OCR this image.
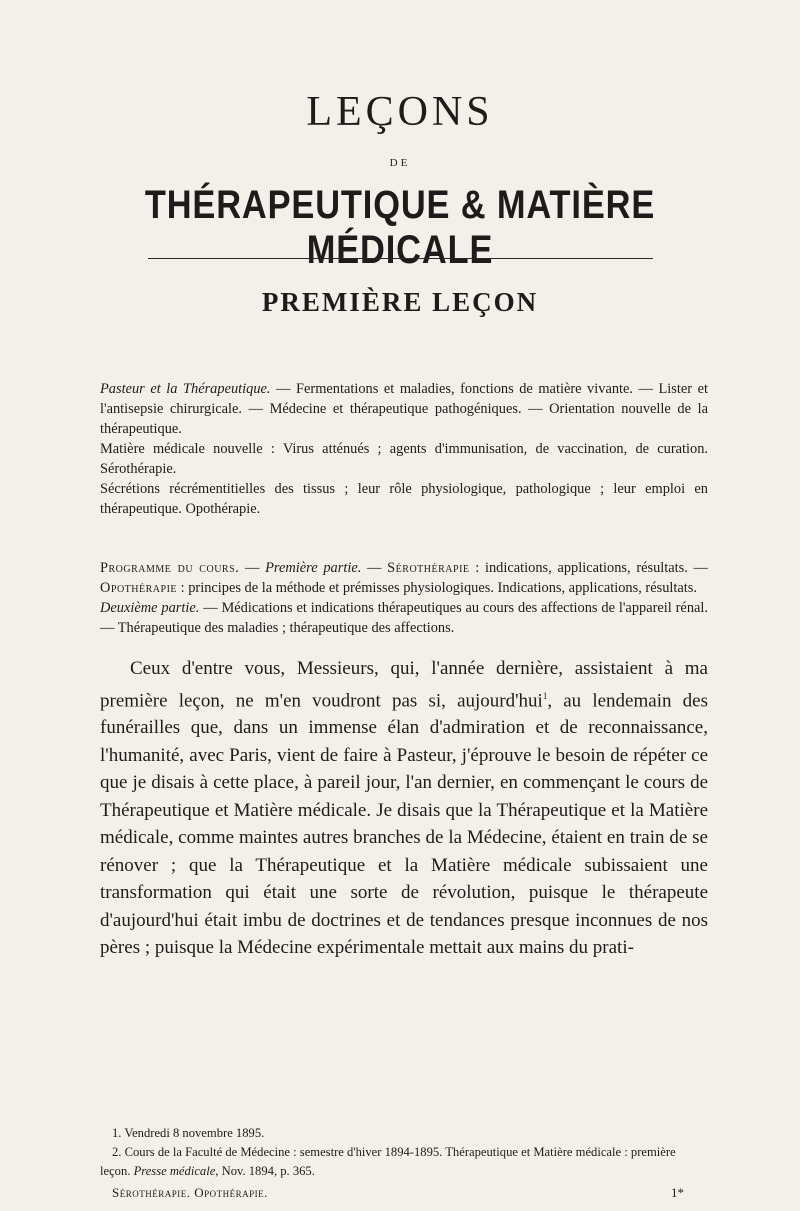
LEÇONS
DE
THÉRAPEUTIQUE & MATIÈRE MÉDICALE
PREMIÈRE LEÇON

Pasteur et la Thérapeutique. — Fermentations et maladies, fonctions de matière vivante. — Lister et l'antisepsie chirurgicale. — Médecine et thérapeutique pathogéniques. — Orientation nouvelle de la thérapeutique.

Matière médicale nouvelle : Virus atténués ; agents d'immunisation, de vaccination, de curation. Sérothérapie.

Sécrétions récrémentitielles des tissus ; leur rôle physiologique, pathologique ; leur emploi en thérapeutique. Opothérapie.

Programme du cours. — Première partie. — Sérothérapie : indications, applications, résultats. — Opothérapie : principes de la méthode et prémisses physiologiques. Indications, applications, résultats.

Deuxième partie. — Médications et indications thérapeutiques au cours des affections de l'appareil rénal. — Thérapeutique des maladies ; thérapeutique des affections.

Ceux d'entre vous, Messieurs, qui, l'année dernière, assistaient à ma première leçon, ne m'en voudront pas si, aujourd'hui$^1$, au lendemain des funérailles que, dans un immense élan d'admiration et de reconnaissance, l'humanité, avec Paris, vient de faire à Pasteur, j'éprouve le besoin de répéter ce que je disais à cette place, à pareil jour, l'an dernier, en commençant le cours de Thérapeutique et Matière médicale. Je disais que la Thérapeutique et la Matière médicale, comme maintes autres branches de la Médecine, étaient en train de se rénover ; que la Thérapeutique et la Matière médicale subissaient une transformation qui était une sorte de révolution, puisque le thérapeute d'aujourd'hui était imbu de doctrines et de tendances presque inconnues de nos pères ; puisque la Médecine expérimentale mettait aux mains du prati-

1. Vendredi 8 novembre 1895.

2. Cours de la Faculté de Médecine : semestre d'hiver 1894-1895. Thérapeutique et Matière médicale : première leçon. Presse médicale, Nov. 1894, p. 365.

Sérothérapie. Opothérapie.	1*
